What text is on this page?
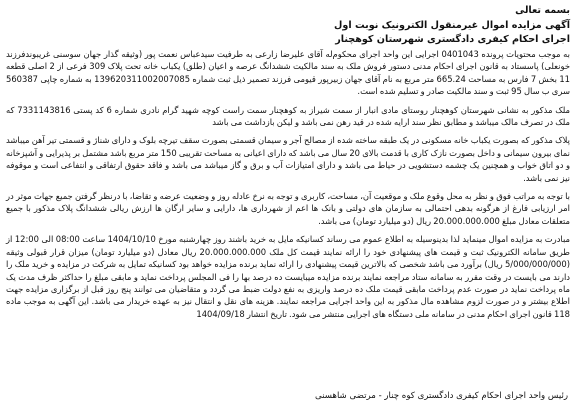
بسمه تعالی
آگهی مزایده اموال غیرمنقول الکترونیک نوبت اول
اجرای احکام کیفری دادگستری شهرستان کوهچنار

به موجب محتویات پرونده 0401043 اجرایی این واحد اجرای محکوم‌له آقای علیرضا زارعی به طرفیت سیدعباس نعمت پور (وثیقه گذار جهان سوسنی غریبوندفرزند خونعلی) پاسستاد به قانون اجرای احکام مدنی دستور فروش ملک به سند مالکیت ششدانگ عرصه و اعیان (طلق) یکباب خانه تحت پلاک 309 فرعی از 2 اصلی قطعه 11 بخش 7 فارس به مساحت 665.24 متر مربع به نام آقای جهان زبیرپور قیومی فرزند تصمیر ذیل ثبت شماره 139620311002007085 به شماره چاپی 560387 سری ب سال 95 ثبت و سند مالکیت صادر و تسلیم شده است.

ملک مذکور به نشانی شهرستان کوهچنار روستای مادی انبار از سمت شیراز به کوهچنار سمت راست کوچه شهید گرام نادری شماره 6 کد پستی 7331143816 که ملک در تصرف مالک میباشد و مطابق نظر سند ارایه شده در قید رهن نمی باشد و لیکن بازداشت می باشد

پلاک مذکور که بصورت یکباب خانه مسکونی در یک طبقه ساخته شده از مصالح آجر و سیمان قسمتی بصورت سقف تیرچه بلوک و دارای شناژ و قسمتی تیر آهن میباشد نمای بیرون سیمانی و داخل بصورت نازک کاری با قدمت بالای 20 سال می باشد که دارای اعیانی به مساحت تقریبی 150 متر مربع باشد مشتمل بر پذیرایی و آشپزخانه و دو اتاق خواب و همچنین یک چشمه دستشویی در حیاط می باشد و دارای امتیازات آب و برق و گاز میباشد می باشد و فاقد حقوق ارتفاقی و انتفاعی است و موقوفه نیز نمی باشد.

با توجه به مراتب فوق و نظر به محل وقوع ملک و موقعیت آن، مساحت، کاربری و توجه به نرخ عادله روز و وضعیت عرضه و تقاضا، با درنظر گرفتن جمیع جهات موثر در امر ارزیابی فارغ از هرگونه بدهی احتمالی به سازمان های دولتی و بانک ها اعم از شهرداری ها، دارایی و سایر ارگان ها ارزش ریالی ششدانگ پلاک مذکور با جمیع متعلقات معادل مبلغ 20.000.000.000 ریال (دو میلیارد تومان) می باشد.

مبادرت به مزایده اموال مینماید لذا بدینوسیله به اطلاع عموم می رساند کسانیکه مایل به خرید باشند روز چهارشنبه مورخ 1404/10/10 ساعت 08:00 الی 12:00 از طریق سامانه الکترونیک ثبت و قیمت های پیشنهادی خود را ارائه نمایند قیمت کل ملک 20.000.000.000 ریال معادل (دو میلیارد تومان) میزان قرار قبولی وثیقه (5/000/000/000 ریال) برآورد می باشد شخصی که بالاترین قیمت پیشنهادی را ارائه نماید برنده مزایده خواهد بود کسانیکه تمایل به شرکت در مزایده و خرید ملک را دارند می بایست در وقت مقرر به سامانه ستاد مراجعه نمایند برنده مزایده میبایست ده درصد بها را فی المجلس پرداخت نماید و مابقی مبلغ را حداکثر ظرف مدت یک ماه پرداخت نماید در صورت عدم پرداخت مابقی قیمت ملک ده درصد واریزی به نفع دولت ضبط می گردد و متقاضیان می توانند پنج روز قبل از برگزاری مزایده جهت اطلاع بیشتر و در صورت لزوم مشاهده مال مذکور به این واحد اجرایی مراجعه نمایند. هزینه های نقل و انتقال نیز به عهده خریدار می باشد. این آگهی به موجب ماده 118 قانون اجرای احکام مدنی در سامانه ملی دستگاه های اجرایی منتشر می شود. تاریخ انتشار 1404/09/18

رئیس واحد اجرای احکام کیفری دادگستری کوه چنار - مرتضی شاهسنی
